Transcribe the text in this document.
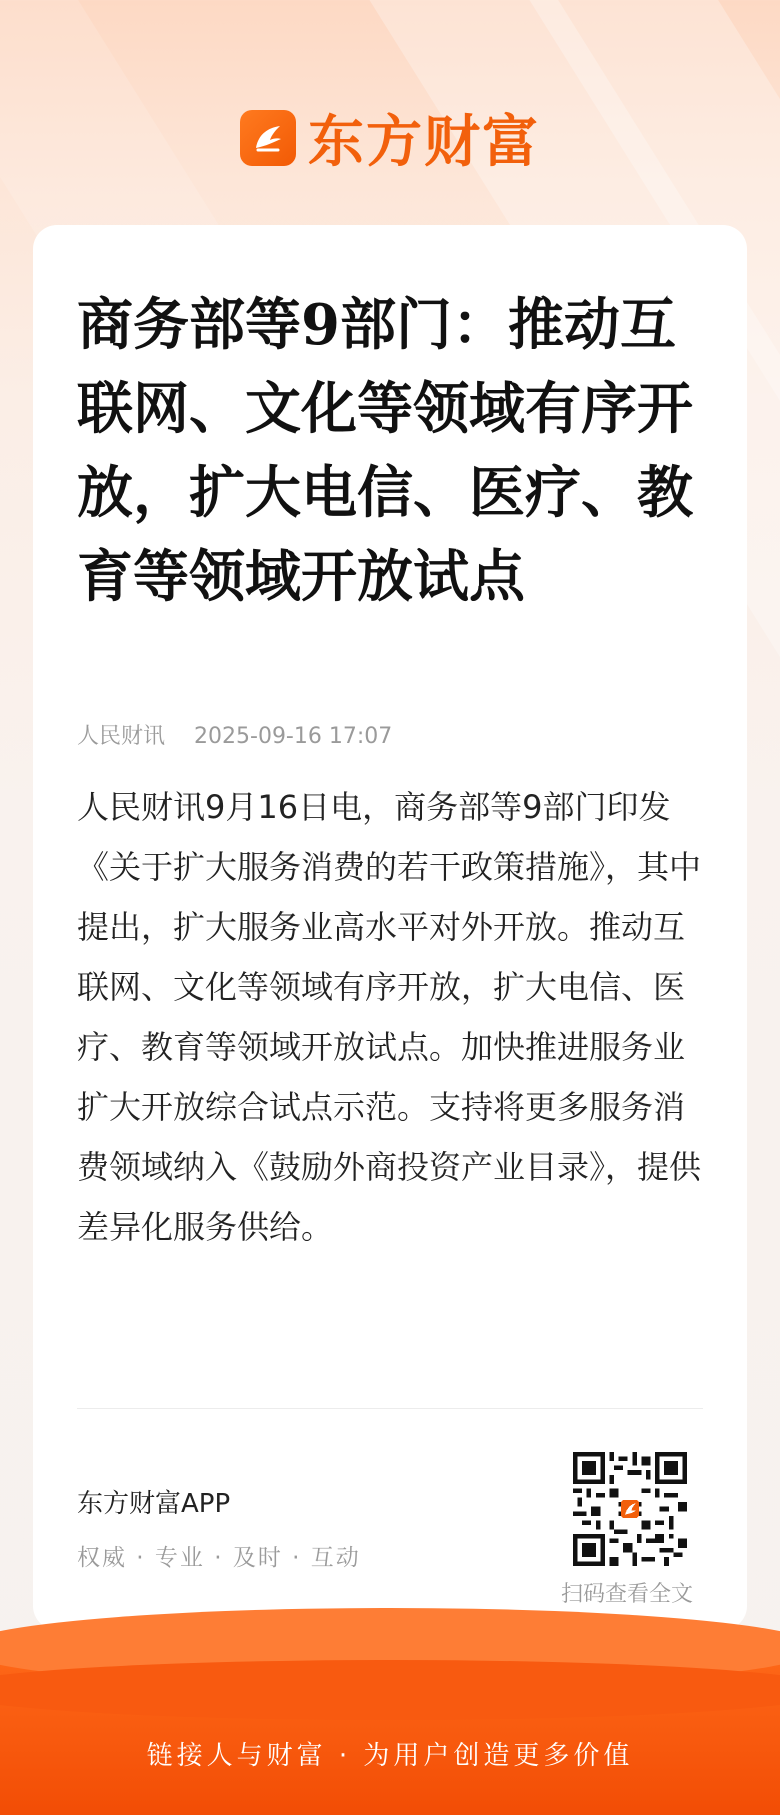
东方财富
商务部等9部门：推动互联网、文化等领域有序开放，扩大电信、医疗、教育等领域开放试点
人民财讯 2025-09-16 17:07

人民财讯9月16日电，商务部等9部门印发《关于扩大服务消费的若干政策措施》，其中提出，扩大服务业高水平对外开放。推动互联网、文化等领域有序开放，扩大电信、医疗、教育等领域开放试点。加快推进服务业扩大开放综合试点示范。支持将更多服务消费领域纳入《鼓励外商投资产业目录》，提供差异化服务供给。

东方财富APP
权威 · 专业 · 及时 · 互动
扫码查看全文
链接人与财富 · 为用户创造更多价值
